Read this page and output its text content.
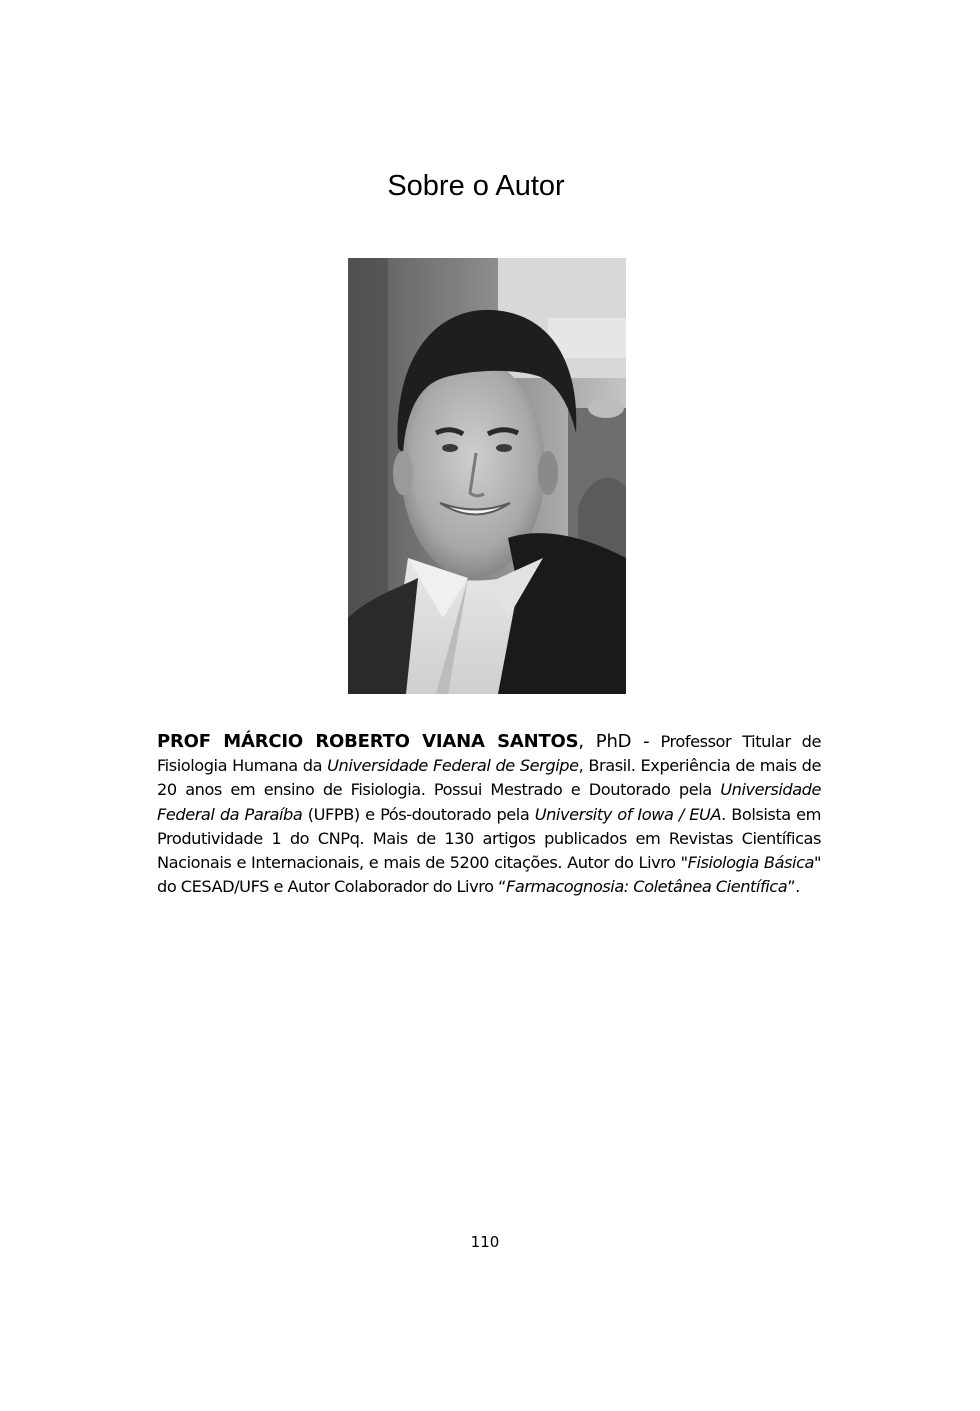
Sobre o Autor

PROF MÁRCIO ROBERTO VIANA SANTOS, PhD - Professor Titular de Fisiologia Humana da Universidade Federal de Sergipe, Brasil. Experiência de mais de 20 anos em ensino de Fisiologia. Possui Mestrado e Doutorado pela Universidade Federal da Paraíba (UFPB) e Pós-doutorado pela University of Iowa / EUA. Bolsista em Produtividade 1 do CNPq. Mais de 130 artigos publicados em Revistas Científicas Nacionais e Internacionais, e mais de 5200 citações. Autor do Livro "Fisiologia Básica" do CESAD/UFS e Autor Colaborador do Livro “Farmacognosia: Coletânea Científica”.

110
